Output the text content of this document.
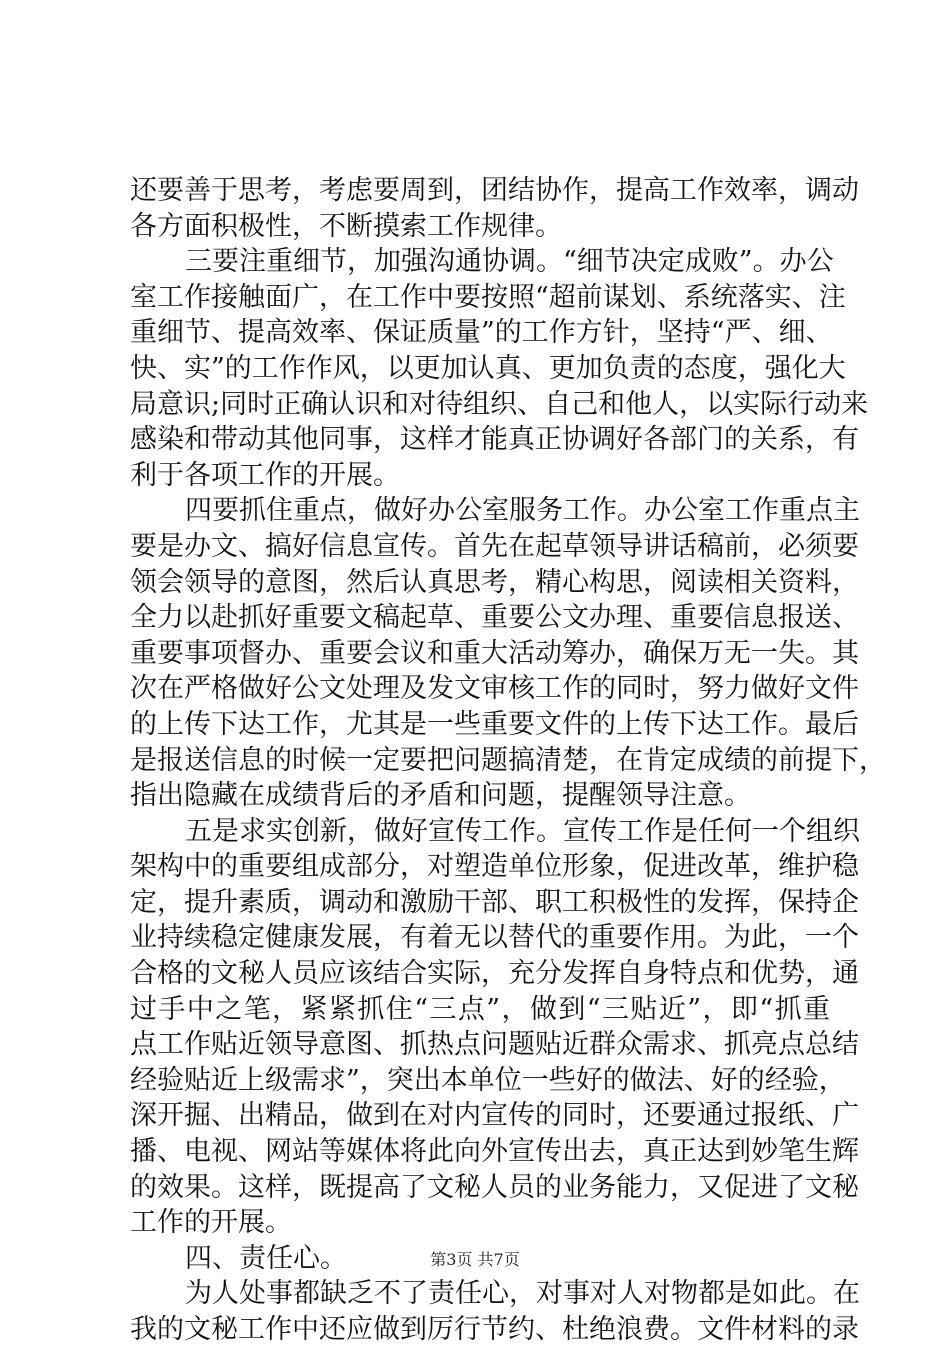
还要善于思考，考虑要周到，团结协作，提高工作效率，调动
各方面积极性，不断摸索工作规律。
三要注重细节，加强沟通协调。“细节决定成败”。办公
室工作接触面广，在工作中要按照“超前谋划、系统落实、注
重细节、提高效率、保证质量”的工作方针，坚持“严、细、
快、实”的工作作风，以更加认真、更加负责的态度，强化大
局意识;同时正确认识和对待组织、自己和他人，以实际行动来
感染和带动其他同事，这样才能真正协调好各部门的关系，有
利于各项工作的开展。
四要抓住重点，做好办公室服务工作。办公室工作重点主
要是办文、搞好信息宣传。首先在起草领导讲话稿前，必须要
领会领导的意图，然后认真思考，精心构思，阅读相关资料，
全力以赴抓好重要文稿起草、重要公文办理、重要信息报送、
重要事项督办、重要会议和重大活动筹办，确保万无一失。其
次在严格做好公文处理及发文审核工作的同时，努力做好文件
的上传下达工作，尤其是一些重要文件的上传下达工作。最后
是报送信息的时候一定要把问题搞清楚，在肯定成绩的前提下，
指出隐藏在成绩背后的矛盾和问题，提醒领导注意。
五是求实创新，做好宣传工作。宣传工作是任何一个组织
架构中的重要组成部分，对塑造单位形象，促进改革，维护稳
定，提升素质，调动和激励干部、职工积极性的发挥，保持企
业持续稳定健康发展，有着无以替代的重要作用。为此，一个
合格的文秘人员应该结合实际，充分发挥自身特点和优势，通
过手中之笔，紧紧抓住“三点”，做到“三贴近”，即“抓重
点工作贴近领导意图、抓热点问题贴近群众需求、抓亮点总结
经验贴近上级需求”，突出本单位一些好的做法、好的经验，
深开掘、出精品，做到在对内宣传的同时，还要通过报纸、广
播、电视、网站等媒体将此向外宣传出去，真正达到妙笔生辉
的效果。这样，既提高了文秘人员的业务能力，又促进了文秘
工作的开展。
四、责任心。
为人处事都缺乏不了责任心，对事对人对物都是如此。在
我的文秘工作中还应做到厉行节约、杜绝浪费。文件材料的录
第3页 共7页
